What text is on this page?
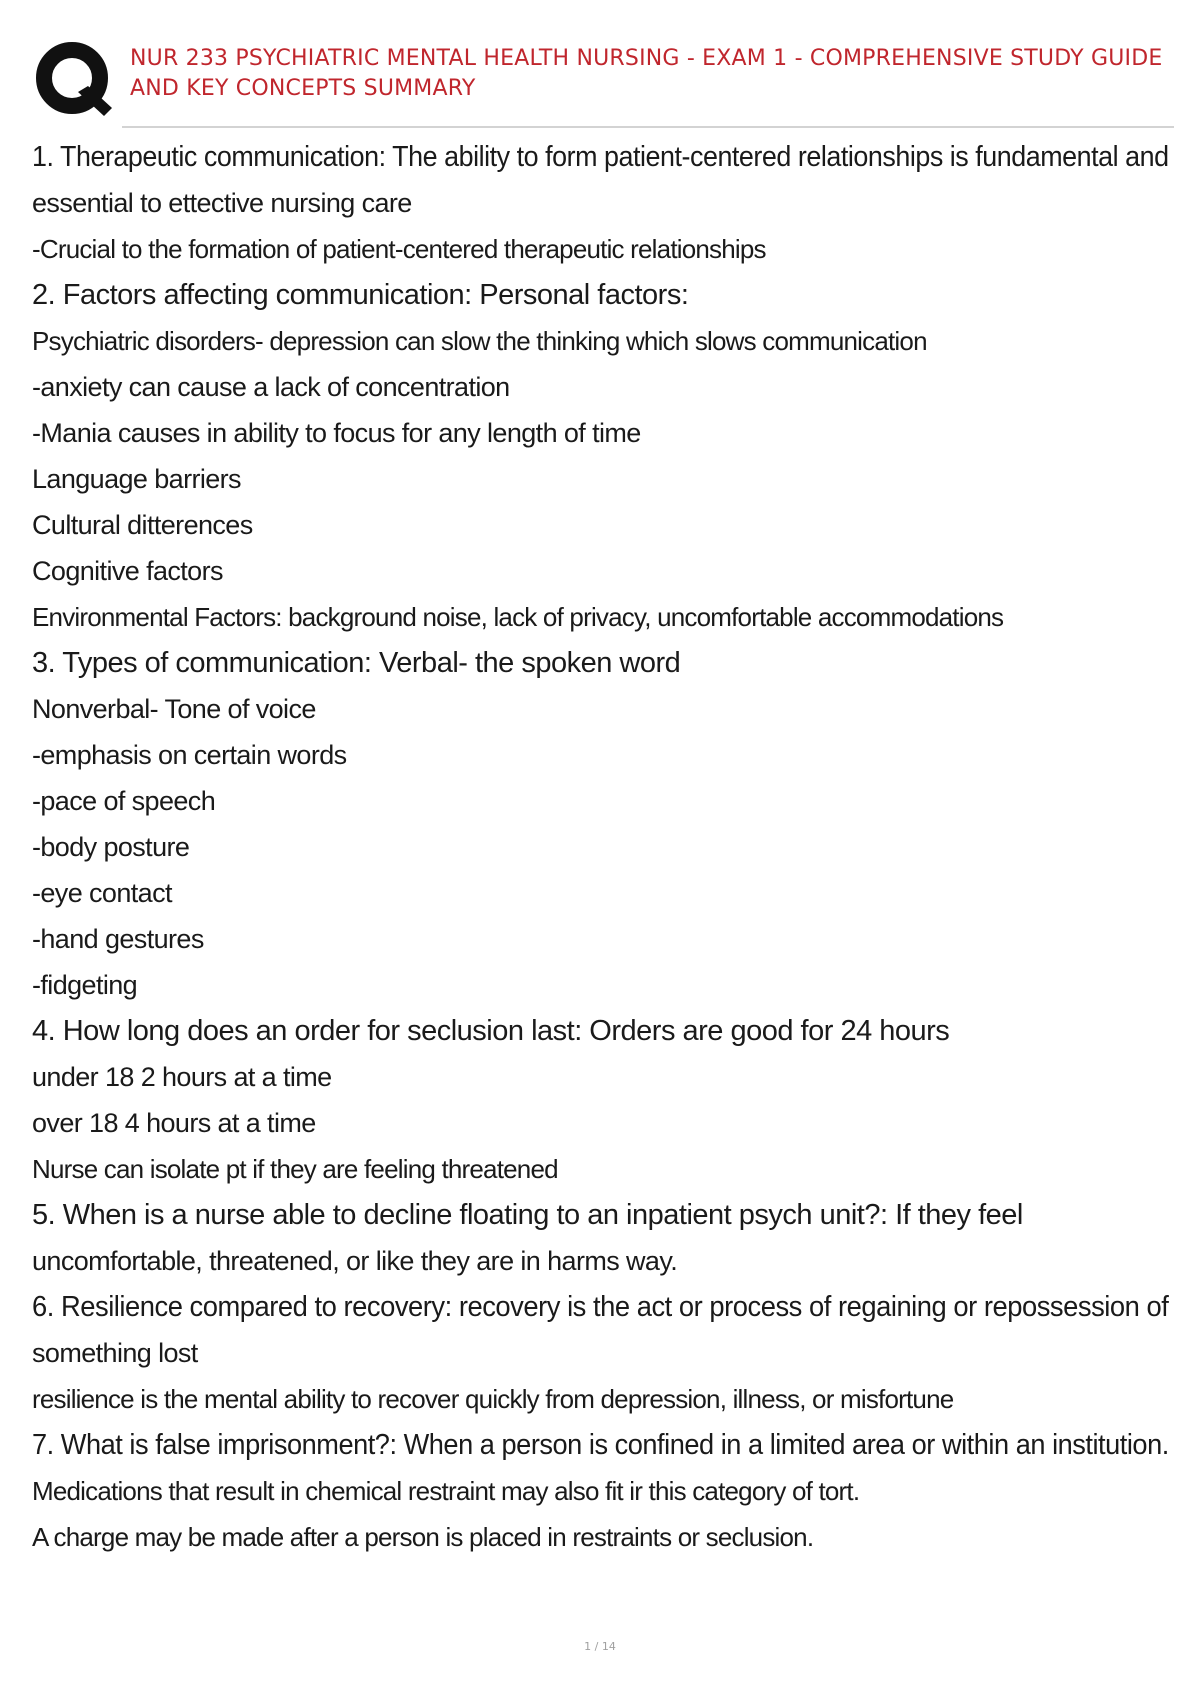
NUR 233 PSYCHIATRIC MENTAL HEALTH NURSING - EXAM 1 - COMPREHENSIVE STUDY GUIDE AND KEY CONCEPTS SUMMARY
1. Therapeutic communication: The ability to form patient-centered relationships is fundamental and
essential to ettective nursing care
-Crucial to the formation of patient-centered therapeutic relationships
2. Factors affecting communication: Personal factors:
Psychiatric disorders- depression can slow the thinking which slows communication
-anxiety can cause a lack of concentration
-Mania causes in ability to focus for any length of time
Language barriers
Cultural ditterences
Cognitive factors
Environmental Factors: background noise, lack of privacy, uncomfortable accommodations
3. Types of communication: Verbal- the spoken word
Nonverbal- Tone of voice
-emphasis on certain words
-pace of speech
-body posture
-eye contact
-hand gestures
-fidgeting
4. How long does an order for seclusion last: Orders are good for 24 hours
under 18 2 hours at a time
over 18 4 hours at a time
Nurse can isolate pt if they are feeling threatened
5. When is a nurse able to decline floating to an inpatient psych unit?: If they feel
uncomfortable, threatened, or like they are in harms way.
6. Resilience compared to recovery: recovery is the act or process of regaining or repossession of
something lost
resilience is the mental ability to recover quickly from depression, illness, or misfortune
7. What is false imprisonment?: When a person is confined in a limited area or within an institution.
Medications that result in chemical restraint may also fit ir this category of tort.
A charge may be made after a person is placed in restraints or seclusion.
1 / 14
